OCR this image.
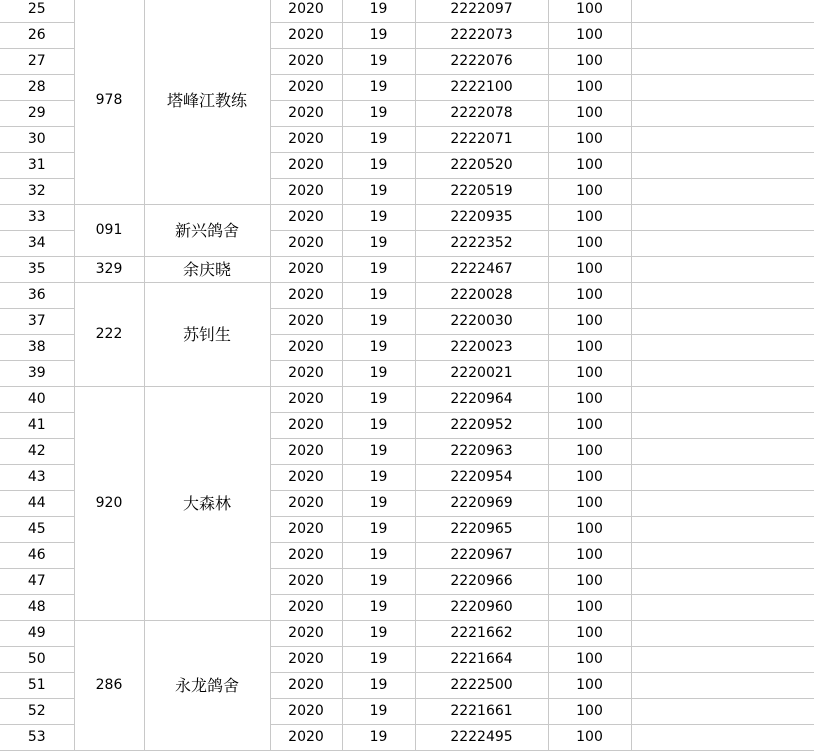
25	978	塔峰江教练	2020	19	2222097	100	
26			2020	19	2222073	100	
27			2020	19	2222076	100	
28			2020	19	2222100	100	
29			2020	19	2222078	100	
30			2020	19	2222071	100	
31			2020	19	2220520	100	
32			2020	19	2220519	100	
33	091	新兴鸽舍	2020	19	2220935	100	
34			2020	19	2222352	100	
35	329	余庆晓	2020	19	2222467	100	
36	222	苏钊生	2020	19	2220028	100	
37			2020	19	2220030	100	
38			2020	19	2220023	100	
39			2020	19	2220021	100	
40	920	大森林	2020	19	2220964	100	
41			2020	19	2220952	100	
42			2020	19	2220963	100	
43			2020	19	2220954	100	
44			2020	19	2220969	100	
45			2020	19	2220965	100	
46			2020	19	2220967	100	
47			2020	19	2220966	100	
48			2020	19	2220960	100	
49	286	永龙鸽舍	2020	19	2221662	100	
50			2020	19	2221664	100	
51			2020	19	2222500	100	
52			2020	19	2221661	100	
53			2020	19	2222495	100	
